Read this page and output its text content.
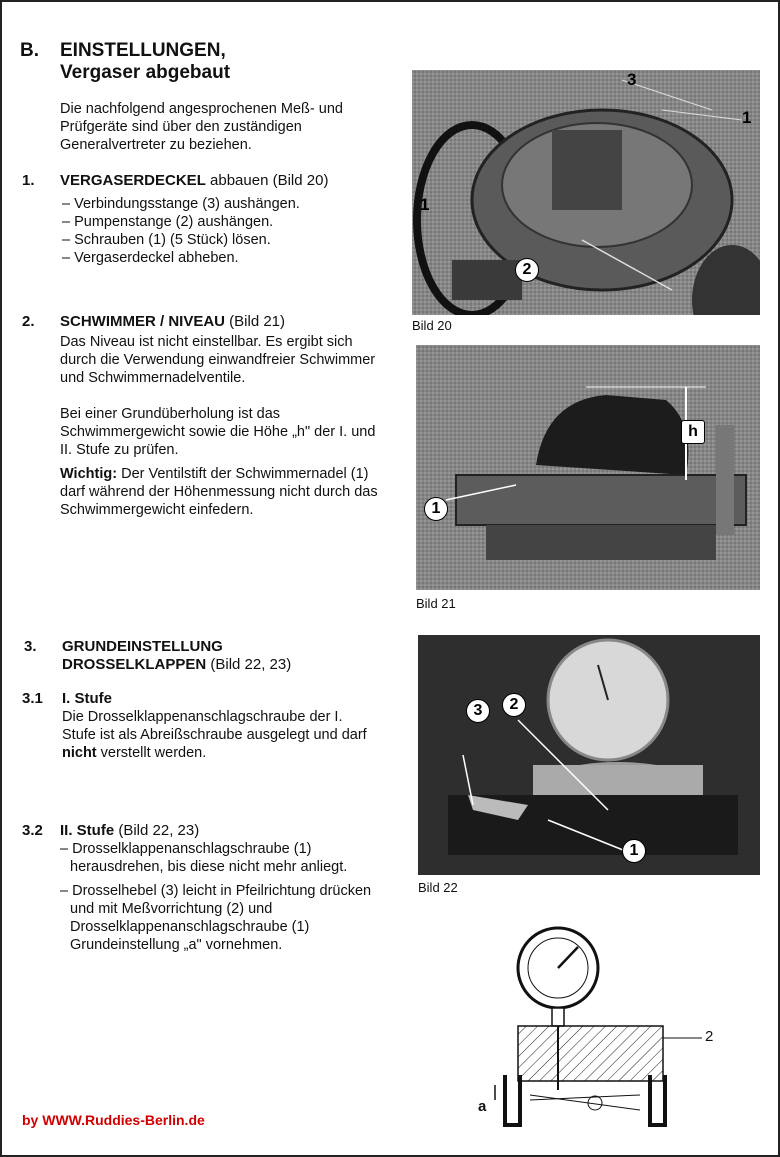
B. EINSTELLUNGEN,
Vergaser abgebaut
Die nachfolgend angesprochenen Meß- und Prüfgeräte sind über den zuständigen Generalvertreter zu beziehen.
1. VERGASERDECKEL abbauen (Bild 20)
– Verbindungsstange (3) aushängen.
– Pumpenstange (2) aushängen.
– Schrauben (1) (5 Stück) lösen.
– Vergaserdeckel abheben.
2. SCHWIMMER / NIVEAU (Bild 21)
Das Niveau ist nicht einstellbar. Es ergibt sich durch die Verwendung einwandfreier Schwimmer und Schwimmernadelventile.
Bei einer Grundüberholung ist das Schwimmergewicht sowie die Höhe „h" der I. und II. Stufe zu prüfen.
Wichtig: Der Ventilstift der Schwimmernadel (1) darf während der Höhenmessung nicht durch das Schwimmergewicht einfedern.
3. GRUNDEINSTELLUNG
DROSSELKLAPPEN (Bild 22, 23)
3.1 I. Stufe
Die Drosselklappenanschlagschraube der I. Stufe ist als Abreißschraube ausgelegt und darf nicht verstellt werden.
3.2 II. Stufe (Bild 22, 23)
– Drosselklappenanschlagschraube (1) herausdrehen, bis diese nicht mehr anliegt.
– Drosselhebel (3) leicht in Pfeilrichtung drücken und mit Meßvorrichtung (2) und Drosselklappenanschlagschraube (1) Grundeinstellung „a" vornehmen.
3
1
1
2
Bild 20
h
1
Bild 21
3	2
1
Bild 22
2
a
by WWW.Ruddies-Berlin.de
